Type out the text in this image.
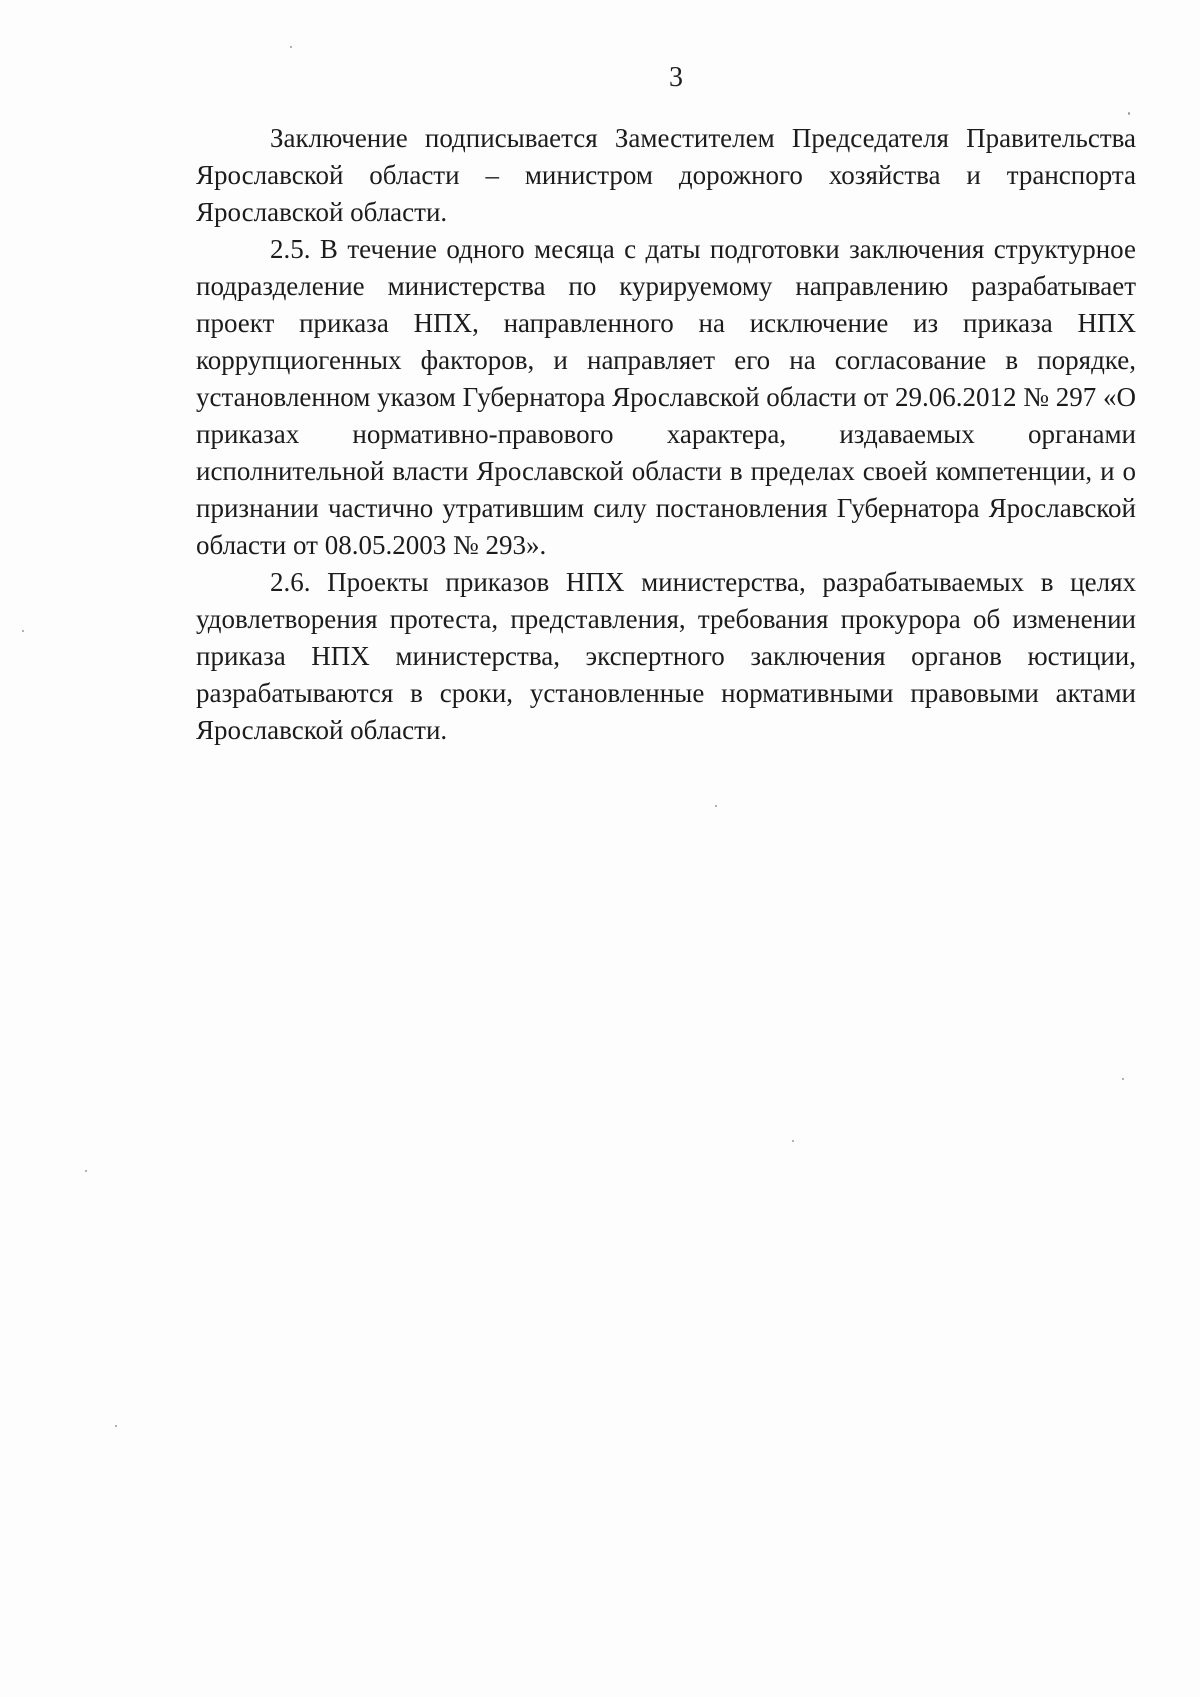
3

Заключение подписывается Заместителем Председателя Правительства Ярославской области – министром дорожного хозяйства и транспорта Ярославской области.

2.5. В течение одного месяца с даты подготовки заключения структурное подразделение министерства по курируемому направлению разрабатывает проект приказа НПХ, направленного на исключение из приказа НПХ коррупциогенных факторов, и направляет его на согласование в порядке, установленном указом Губернатора Ярославской области от 29.06.2012 № 297 «О приказах нормативно-правового характера, издаваемых органами исполнительной власти Ярославской области в пределах своей компетенции, и о признании частично утратившим силу постановления Губернатора Ярославской области от 08.05.2003 № 293».

2.6. Проекты приказов НПХ министерства, разрабатываемых в целях удовлетворения протеста, представления, требования прокурора об изменении приказа НПХ министерства, экспертного заключения органов юстиции, разрабатываются в сроки, установленные нормативными правовыми актами Ярославской области.
